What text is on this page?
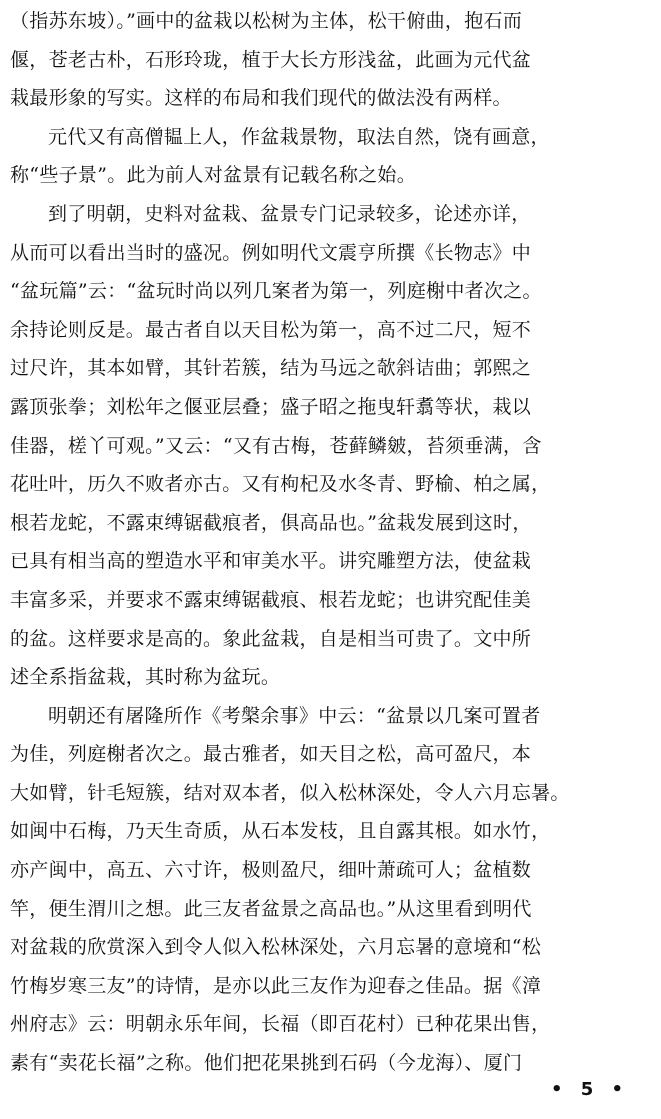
（指苏东坡）。”画中的盆栽以松树为主体，松干俯曲，抱石而
偃，苍老古朴，石形玲珑，植于大长方形浅盆，此画为元代盆
栽最形象的写实。这样的布局和我们现代的做法没有两样。
元代又有高僧韫上人，作盆栽景物，取法自然，饶有画意，
称“些子景”。此为前人对盆景有记载名称之始。
到了明朝，史料对盆栽、盆景专门记录较多，论述亦详，
从而可以看出当时的盛况。例如明代文震亨所撰《长物志》中
“盆玩篇”云：“盆玩时尚以列几案者为第一，列庭榭中者次之。
余持论则反是。最古者自以天目松为第一，高不过二尺，短不
过尺许，其本如臂，其针若簇，结为马远之欹斜诘曲；郭熙之
露顶张拳；刘松年之偃亚层叠；盛子昭之拖曳轩翥等状，栽以
佳器，槎丫可观。”又云：“又有古梅，苍藓鳞皴，苔须垂满，含
花吐叶，历久不败者亦古。又有枸杞及水冬青、野榆、柏之属，
根若龙蛇，不露束缚锯截痕者，俱高品也。”盆栽发展到这时，
已具有相当高的塑造水平和审美水平。讲究雕塑方法，使盆栽
丰富多采，并要求不露束缚锯截痕、根若龙蛇；也讲究配佳美
的盆。这样要求是高的。象此盆栽，自是相当可贵了。文中所
述全系指盆栽，其时称为盆玩。
明朝还有屠隆所作《考槃余事》中云：“盆景以几案可置者
为佳，列庭榭者次之。最古雅者，如天目之松，高可盈尺，本
大如臂，针毛短簇，结对双本者，似入松林深处，令人六月忘暑。
如闽中石梅，乃天生奇质，从石本发枝，且自露其根。如水竹，
亦产闽中，高五、六寸许，极则盈尺，细叶萧疏可人；盆植数
竿，便生渭川之想。此三友者盆景之高品也。”从这里看到明代
对盆栽的欣赏深入到令人似入松林深处，六月忘暑的意境和“松
竹梅岁寒三友”的诗情，是亦以此三友作为迎春之佳品。据《漳
州府志》云：明朝永乐年间，长福（即百花村）已种花果出售，
素有“卖花长福”之称。他们把花果挑到石码（今龙海）、厦门
• 5 •
